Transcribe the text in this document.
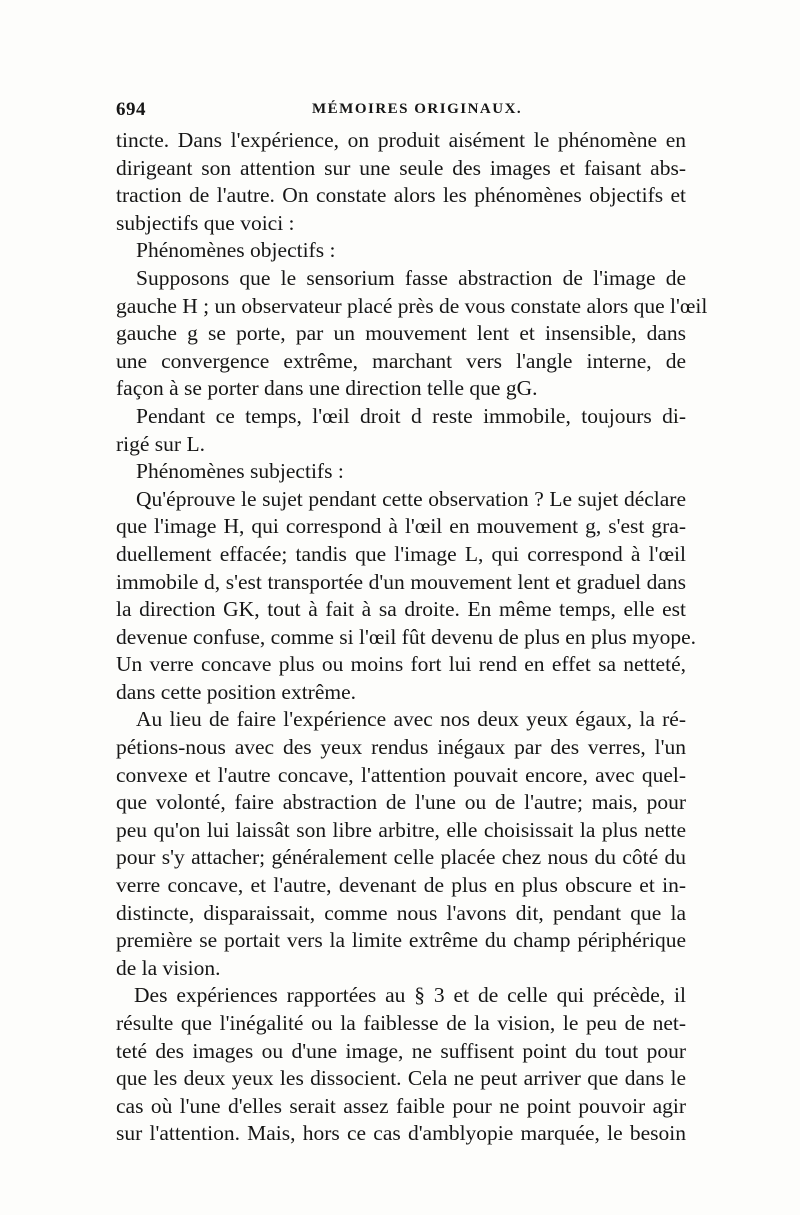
694	MÉMOIRES ORIGINAUX.
tincte. Dans l'expérience, on produit aisément le phénomène en
dirigeant son attention sur une seule des images et faisant abs-
traction de l'autre. On constate alors les phénomènes objectifs et
subjectifs que voici :
Phénomènes objectifs :
Supposons que le sensorium fasse abstraction de l'image de
gauche H ; un observateur placé près de vous constate alors que l'œil
gauche g se porte, par un mouvement lent et insensible, dans
une convergence extrême, marchant vers l'angle interne, de
façon à se porter dans une direction telle que gG.
Pendant ce temps, l'œil droit d reste immobile, toujours di-
rigé sur L.
Phénomènes subjectifs :
Qu'éprouve le sujet pendant cette observation ? Le sujet déclare
que l'image H, qui correspond à l'œil en mouvement g, s'est gra-
duellement effacée; tandis que l'image L, qui correspond à l'œil
immobile d, s'est transportée d'un mouvement lent et graduel dans
la direction GK, tout à fait à sa droite. En même temps, elle est
devenue confuse, comme si l'œil fût devenu de plus en plus myope.
Un verre concave plus ou moins fort lui rend en effet sa netteté,
dans cette position extrême.
Au lieu de faire l'expérience avec nos deux yeux égaux, la ré-
pétions-nous avec des yeux rendus inégaux par des verres, l'un
convexe et l'autre concave, l'attention pouvait encore, avec quel-
que volonté, faire abstraction de l'une ou de l'autre; mais, pour
peu qu'on lui laissât son libre arbitre, elle choisissait la plus nette
pour s'y attacher; généralement celle placée chez nous du côté du
verre concave, et l'autre, devenant de plus en plus obscure et in-
distincte, disparaissait, comme nous l'avons dit, pendant que la
première se portait vers la limite extrême du champ périphérique
de la vision.
Des expériences rapportées au § 3 et de celle qui précède, il
résulte que l'inégalité ou la faiblesse de la vision, le peu de net-
teté des images ou d'une image, ne suffisent point du tout pour
que les deux yeux les dissocient. Cela ne peut arriver que dans le
cas où l'une d'elles serait assez faible pour ne point pouvoir agir
sur l'attention. Mais, hors ce cas d'amblyopie marquée, le besoin
